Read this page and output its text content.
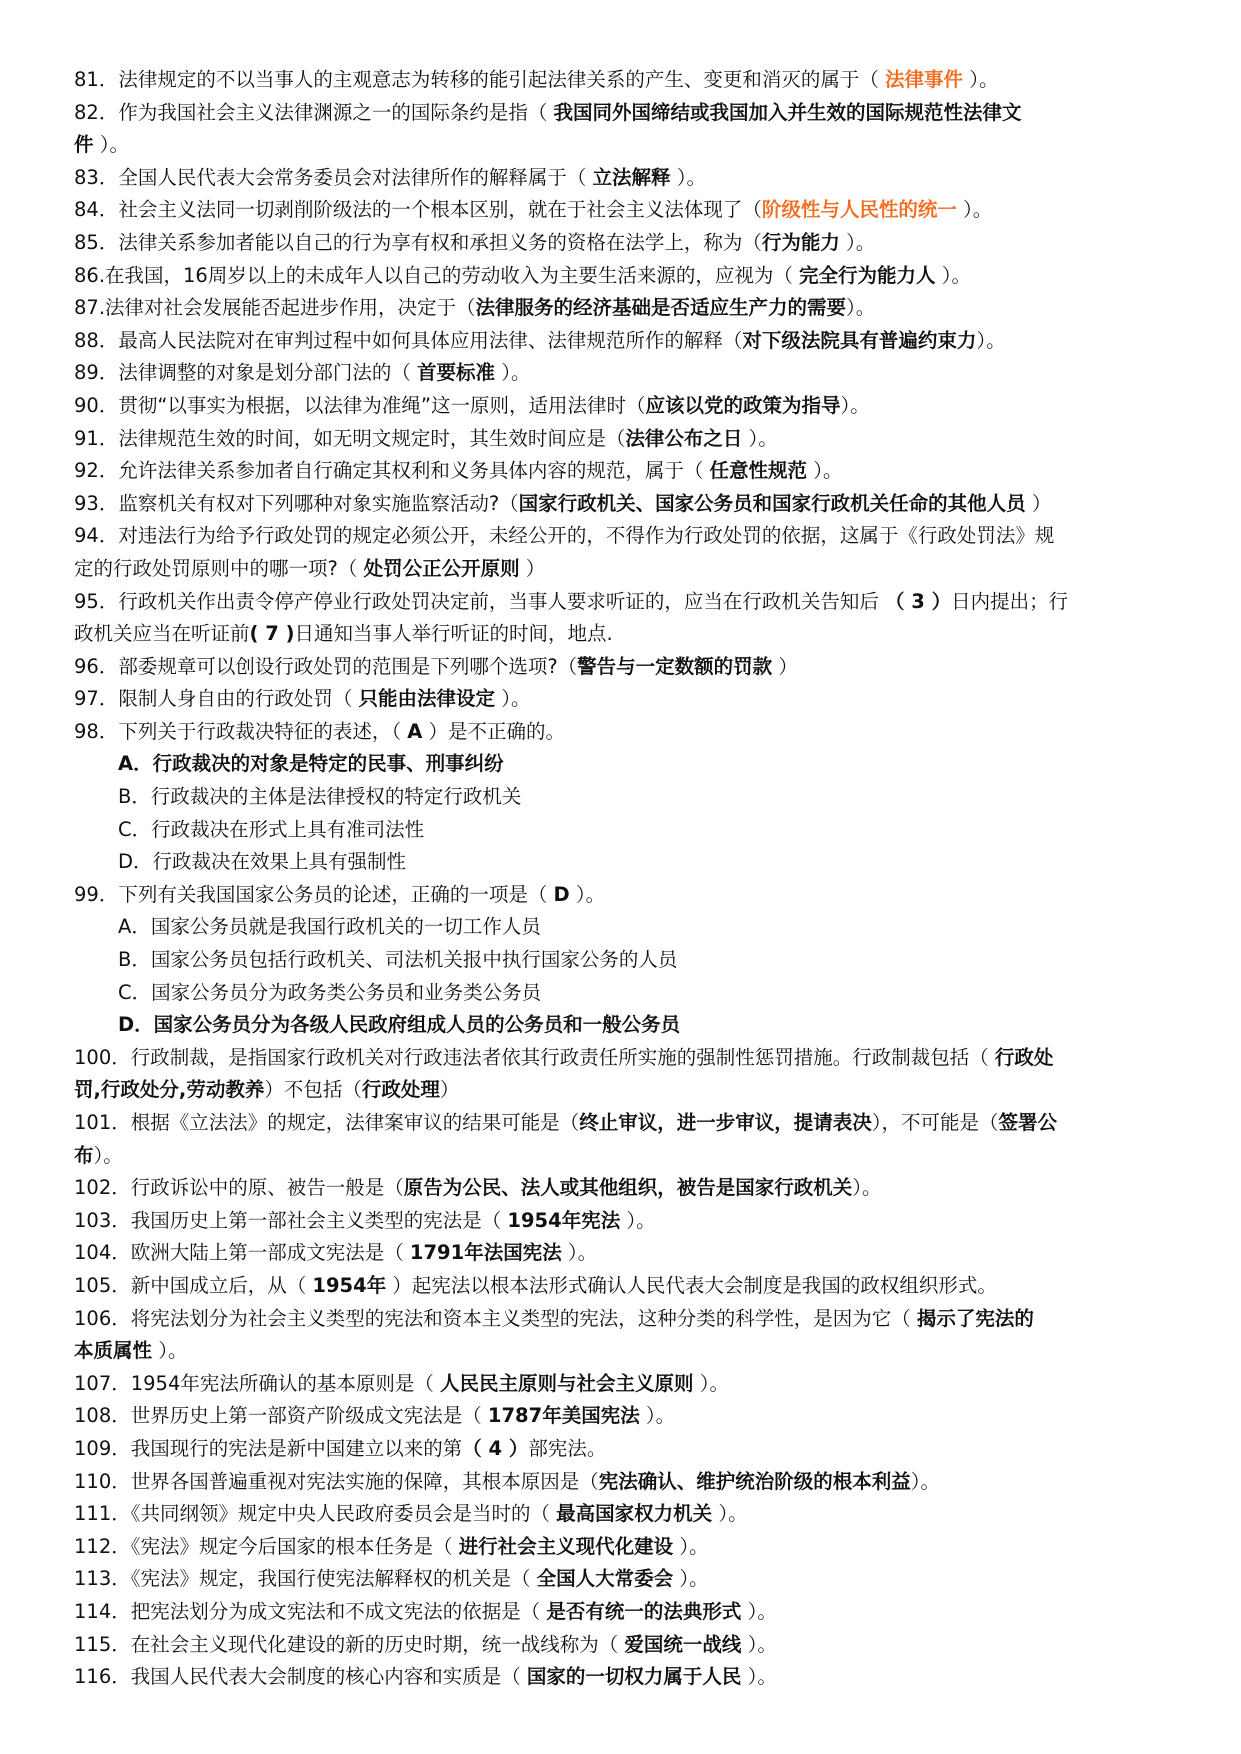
81．法律规定的不以当事人的主观意志为转移的能引起法律关系的产生、变更和消灭的属于（ 法律事件 ）。
82．作为我国社会主义法律渊源之一的国际条约是指（ 我国同外国缔结或我国加入并生效的国际规范性法律文
件 ）。
83．全国人民代表大会常务委员会对法律所作的解释属于（ 立法解释 ）。
84．社会主义法同一切剥削阶级法的一个根本区别，就在于社会主义法体现了（阶级性与人民性的统一 ）。
85．法律关系参加者能以自己的行为享有权和承担义务的资格在法学上，称为（行为能力 ）。
86.在我国，16周岁以上的未成年人以自己的劳动收入为主要生活来源的，应视为（ 完全行为能力人 ）。
87.法律对社会发展能否起进步作用，决定于（法律服务的经济基础是否适应生产力的需要）。
88．最高人民法院对在审判过程中如何具体应用法律、法律规范所作的解释（对下级法院具有普遍约束力）。
89．法律调整的对象是划分部门法的（ 首要标准 ）。
90．贯彻“以事实为根据，以法律为准绳”这一原则，适用法律时（应该以党的政策为指导）。
91．法律规范生效的时间，如无明文规定时，其生效时间应是（法律公布之日 ）。
92．允许法律关系参加者自行确定其权利和义务具体内容的规范，属于（ 任意性规范 ）。
93．监察机关有权对下列哪种对象实施监察活动?（国家行政机关、国家公务员和国家行政机关任命的其他人员 ）
94．对违法行为给予行政处罚的规定必须公开，未经公开的，不得作为行政处罚的依据，这属于《行政处罚法》规
定的行政处罚原则中的哪一项?（ 处罚公正公开原则 ）
95．行政机关作出责令停产停业行政处罚决定前，当事人要求听证的，应当在行政机关告知后 （ 3 ）日内提出；行
政机关应当在听证前( 7 )日通知当事人举行听证的时间，地点.
96．部委规章可以创设行政处罚的范围是下列哪个选项?（警告与一定数额的罚款 ）
97．限制人身自由的行政处罚（ 只能由法律设定 ）。
98．下列关于行政裁决特征的表述，（ A ）是不正确的。
A．行政裁决的对象是特定的民事、刑事纠纷
B．行政裁决的主体是法律授权的特定行政机关
C．行政裁决在形式上具有准司法性
D．行政裁决在效果上具有强制性
99．下列有关我国国家公务员的论述，正确的一项是（ D ）。
A．国家公务员就是我国行政机关的一切工作人员
B．国家公务员包括行政机关、司法机关报中执行国家公务的人员
C．国家公务员分为政务类公务员和业务类公务员
D．国家公务员分为各级人民政府组成人员的公务员和一般公务员
100．行政制裁，是指国家行政机关对行政违法者依其行政责任所实施的强制性惩罚措施。行政制裁包括（ 行政处
罚,行政处分,劳动教养）不包括（行政处理）
101．根据《立法法》的规定，法律案审议的结果可能是（终止审议，进一步审议，提请表决），不可能是（签署公
布）。
102．行政诉讼中的原、被告一般是（原告为公民、法人或其他组织，被告是国家行政机关）。
103．我国历史上第一部社会主义类型的宪法是（ 1954年宪法 ）。
104．欧洲大陆上第一部成文宪法是（ 1791年法国宪法 ）。
105．新中国成立后，从（ 1954年 ）起宪法以根本法形式确认人民代表大会制度是我国的政权组织形式。
106．将宪法划分为社会主义类型的宪法和资本主义类型的宪法，这种分类的科学性，是因为它（ 揭示了宪法的
本质属性 ）。
107．1954年宪法所确认的基本原则是（ 人民民主原则与社会主义原则 ）。
108．世界历史上第一部资产阶级成文宪法是（ 1787年美国宪法 ）。
109．我国现行的宪法是新中国建立以来的第（ 4 ）部宪法。
110．世界各国普遍重视对宪法实施的保障，其根本原因是（宪法确认、维护统治阶级的根本利益）。
111．《共同纲领》规定中央人民政府委员会是当时的（ 最高国家权力机关 ）。
112．《宪法》规定今后国家的根本任务是（ 进行社会主义现代化建设 ）。
113．《宪法》规定，我国行使宪法解释权的机关是（ 全国人大常委会 ）。
114．把宪法划分为成文宪法和不成文宪法的依据是（ 是否有统一的法典形式 ）。
115．在社会主义现代化建设的新的历史时期，统一战线称为（ 爱国统一战线 ）。
116．我国人民代表大会制度的核心内容和实质是（ 国家的一切权力属于人民 ）。
